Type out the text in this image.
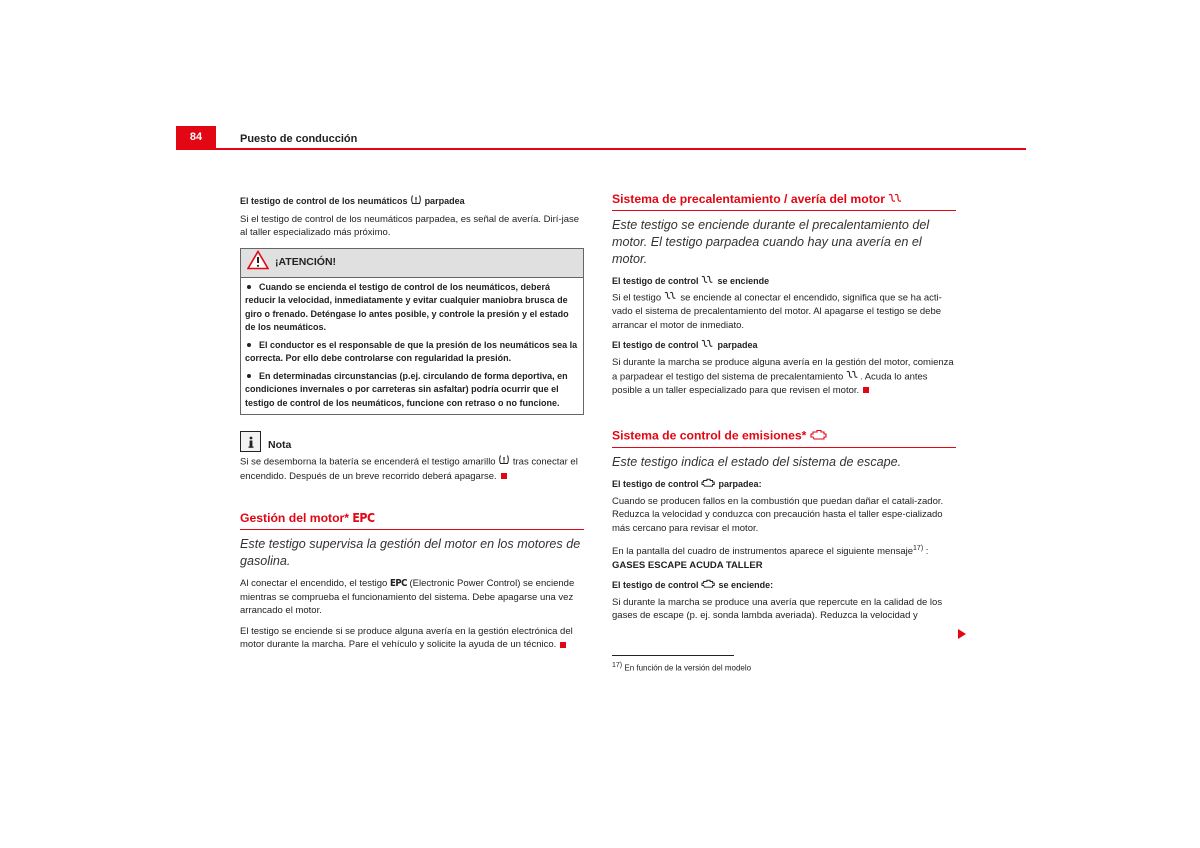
84	Puesto de conducción
El testigo de control de los neumáticos parpadea

Si el testigo de control de los neumáticos parpadea, es señal de avería. Dirí-jase al taller especializado más próximo.

¡ATENCIÓN!
Cuando se encienda el testigo de control de los neumáticos, deberá reducir la velocidad, inmediatamente y evitar cualquier maniobra brusca de giro o frenado. Deténgase lo antes posible, y controle la presión y el estado de los neumáticos.
El conductor es el responsable de que la presión de los neumáticos sea la correcta. Por ello debe controlarse con regularidad la presión.
En determinadas circunstancias (p.ej. circulando de forma deportiva, en condiciones invernales o por carreteras sin asfaltar) podría ocurrir que el testigo de control de los neumáticos, funcione con retraso o no funcione.
Nota

Si se desemborna la batería se encenderá el testigo amarillo tras conectar el encendido. Después de un breve recorrido deberá apagarse.

Gestión del motor* EPC

Este testigo supervisa la gestión del motor en los motores de gasolina.

Al conectar el encendido, el testigo EPC (Electronic Power Control) se enciende mientras se comprueba el funcionamiento del sistema. Debe apagarse una vez arrancado el motor.

El testigo se enciende si se produce alguna avería en la gestión electrónica del motor durante la marcha. Pare el vehículo y solicite la ayuda de un técnico.

Sistema de precalentamiento / avería del motor

Este testigo se enciende durante el precalentamiento del motor. El testigo parpadea cuando hay una avería en el motor.

El testigo de control se enciende

Si el testigo se enciende al conectar el encendido, significa que se ha acti-vado el sistema de precalentamiento del motor. Al apagarse el testigo se debe arrancar el motor de inmediato.

El testigo de control parpadea

Si durante la marcha se produce alguna avería en la gestión del motor, comienza a parpadear el testigo del sistema de precalentamiento . Acuda lo antes posible a un taller especializado para que revisen el motor.

Sistema de control de emisiones*

Este testigo indica el estado del sistema de escape.

El testigo de control parpadea:

Cuando se producen fallos en la combustión que puedan dañar el catali-zador. Reduzca la velocidad y conduzca con precaución hasta el taller espe-cializado más cercano para revisar el motor.

En la pantalla del cuadro de instrumentos aparece el siguiente mensaje$^{17)}$ :
GASES ESCAPE ACUDA TALLER

El testigo de control se enciende:

Si durante la marcha se produce una avería que repercute en la calidad de los gases de escape (p. ej. sonda lambda averiada). Reduzca la velocidad y

$^{17)}$ En función de la versión del modelo
